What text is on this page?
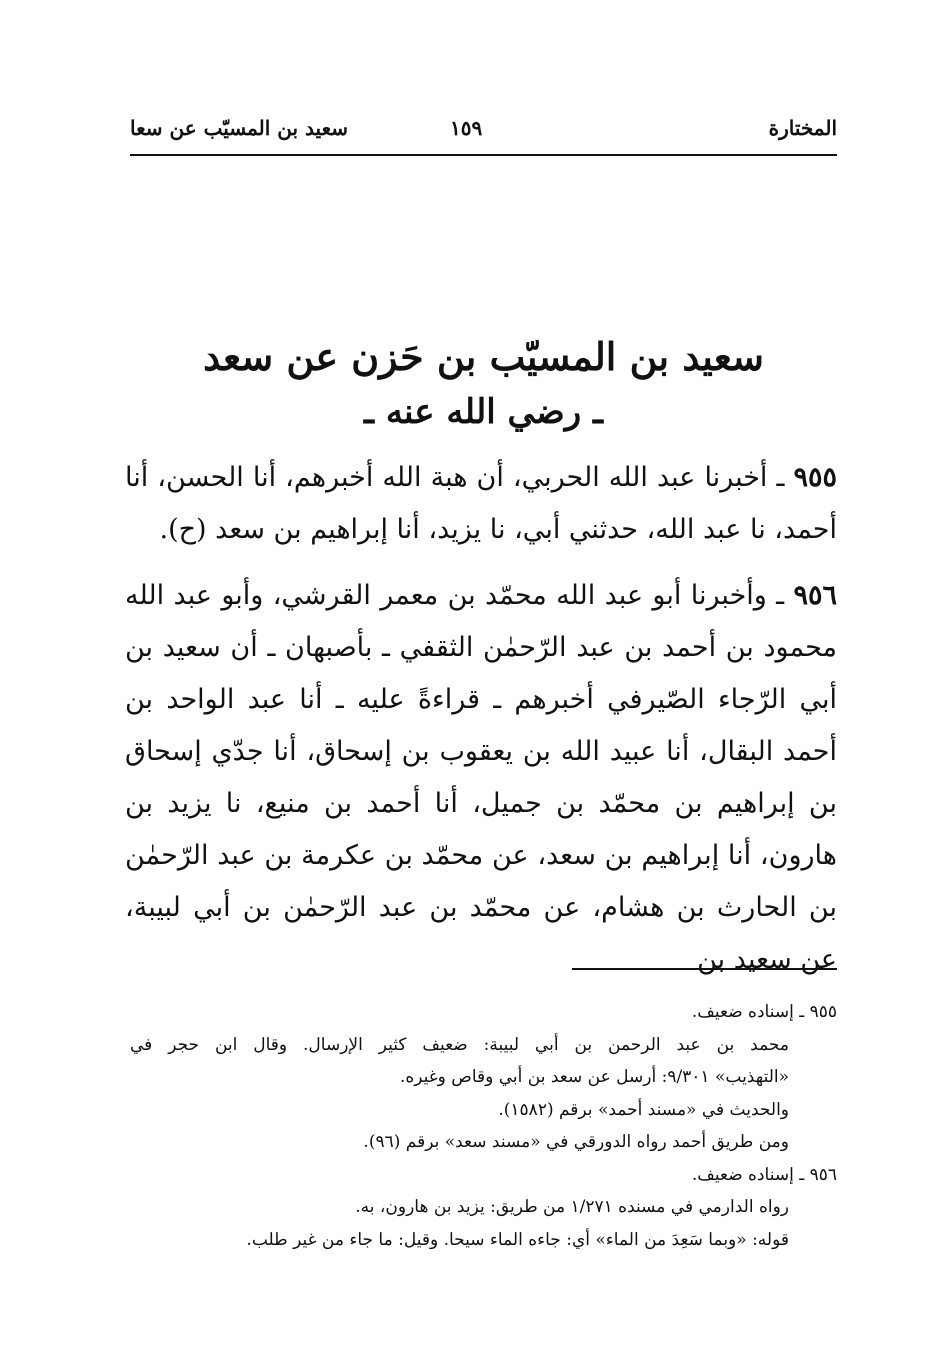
المختارة
١٥٩
سعيد بن المسيّب عن سعا
سعيد بن المسيّب بن حَزن عن سعد
ـ رضي الله عنه ـ
٩٥٥ ـ أخبرنا عبد الله الحربي، أن هبة الله أخبرهم، أنا الحسن، أنا أحمد، نا عبد الله، حدثني أبي، نا يزيد، أنا إبراهيم بن سعد (ح).
٩٥٦ ـ وأخبرنا أبو عبد الله محمّد بن معمر القرشي، وأبو عبد الله محمود بن أحمد بن عبد الرّحمٰن الثقفي ـ بأصبهان ـ أن سعيد بن أبي الرّجاء الصّيرفي أخبرهم ـ قراءةً عليه ـ أنا عبد الواحد بن أحمد البقال، أنا عبيد الله بن يعقوب بن إسحاق، أنا جدّي إسحاق بن إبراهيم بن محمّد بن جميل، أنا أحمد بن منيع، نا يزيد بن هارون، أنا إبراهيم بن سعد، عن محمّد بن عكرمة بن عبد الرّحمٰن بن الحارث بن هشام، عن محمّد بن عبد الرّحمٰن بن أبي لبيبة، عن سعيد بن
٩٥٥ ـ إسناده ضعيف.
محمد بن عبد الرحمن بن أبي لبيبة: ضعيف كثير الإرسال. وقال ابن حجر في
«التهذيب» ٩/٣٠١: أرسل عن سعد بن أبي وقاص وغيره.
والحديث في «مسند أحمد» برقم (١٥٨٢).
ومن طريق أحمد رواه الدورقي في «مسند سعد» برقم (٩٦).
٩٥٦ ـ إسناده ضعيف.
رواه الدارمي في مسنده ١/٢٧١ من طريق: يزيد بن هارون، به.
قوله: «وبما سَعِدَ من الماء» أي: جاءه الماء سيحا. وقيل: ما جاء من غير طلب.
